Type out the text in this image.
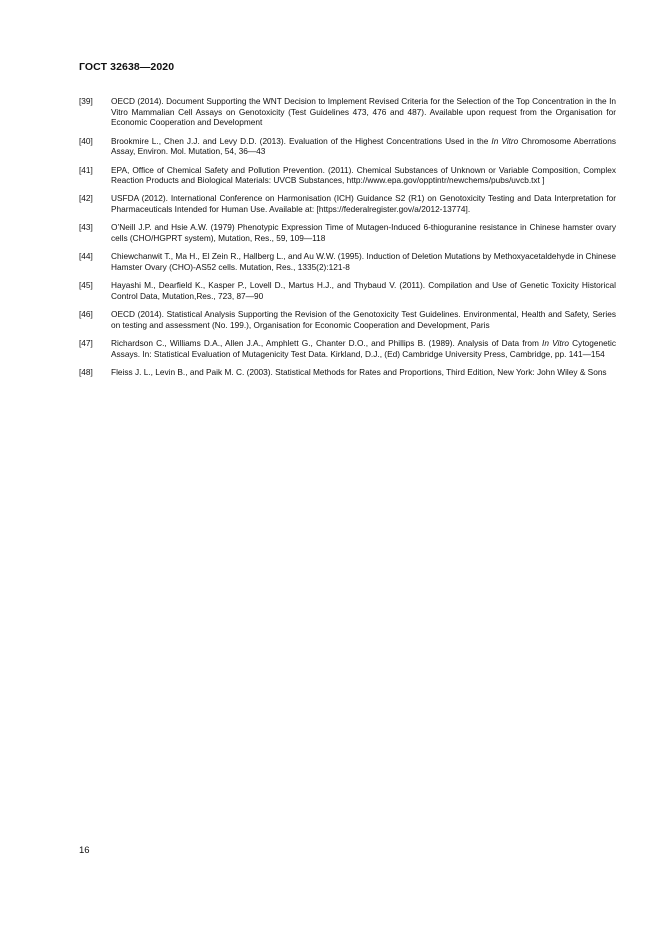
ГОСТ 32638—2020
[39]	OECD (2014). Document Supporting the WNT Decision to Implement Revised Criteria for the Selection of the Top Concentration in the In Vitro Mammalian Cell Assays on Genotoxicity (Test Guidelines 473, 476 and 487). Available upon request from the Organisation for Economic Cooperation and Development
[40]	Brookmire L., Chen J.J. and Levy D.D. (2013). Evaluation of the Highest Concentrations Used in the In Vitro Chromosome Aberrations Assay, Environ. Mol. Mutation, 54, 36—43
[41]	EPA, Office of Chemical Safety and Pollution Prevention. (2011). Chemical Substances of Unknown or Variable Composition, Complex Reaction Products and Biological Materials: UVCB Substances, http://www.epa.gov/opptintr/newchems/pubs/uvcb.txt ]
[42]	USFDA (2012). International Conference on Harmonisation (ICH) Guidance S2 (R1) on Genotoxicity Testing and Data Interpretation for Pharmaceuticals Intended for Human Use. Available at: [https://federalregister.gov/a/2012-13774].
[43]	O’Neill J.P. and Hsie A.W. (1979) Phenotypic Expression Time of Mutagen-Induced 6-thioguranine resistance in Chinese hamster ovary cells (CHO/HGPRT system), Mutation, Res., 59, 109—118
[44]	Chiewchanwit T., Ma H., El Zein R., Hallberg L., and Au W.W. (1995). Induction of Deletion Mutations by Methoxyacetaldehyde in Chinese Hamster Ovary (CHO)-AS52 cells. Mutation, Res., 1335(2):121-8
[45]	Hayashi M., Dearfield K., Kasper P., Lovell D., Martus H.J., and Thybaud V. (2011). Compilation and Use of Genetic Toxicity Historical Control Data, Mutation,Res., 723, 87—90
[46]	OECD (2014). Statistical Analysis Supporting the Revision of the Genotoxicity Test Guidelines. Environmental, Health and Safety, Series on testing and assessment (No. 199.), Organisation for Economic Cooperation and Development, Paris
[47]	Richardson C., Williams D.A., Allen J.A., Amphlett G., Chanter D.O., and Phillips B. (1989). Analysis of Data from In Vitro Cytogenetic Assays. In: Statistical Evaluation of Mutagenicity Test Data. Kirkland, D.J., (Ed) Cambridge University Press, Cambridge, pp. 141—154
[48]	Fleiss J. L., Levin B., and Paik M. C. (2003). Statistical Methods for Rates and Proportions, Third Edition, New York: John Wiley & Sons
16
